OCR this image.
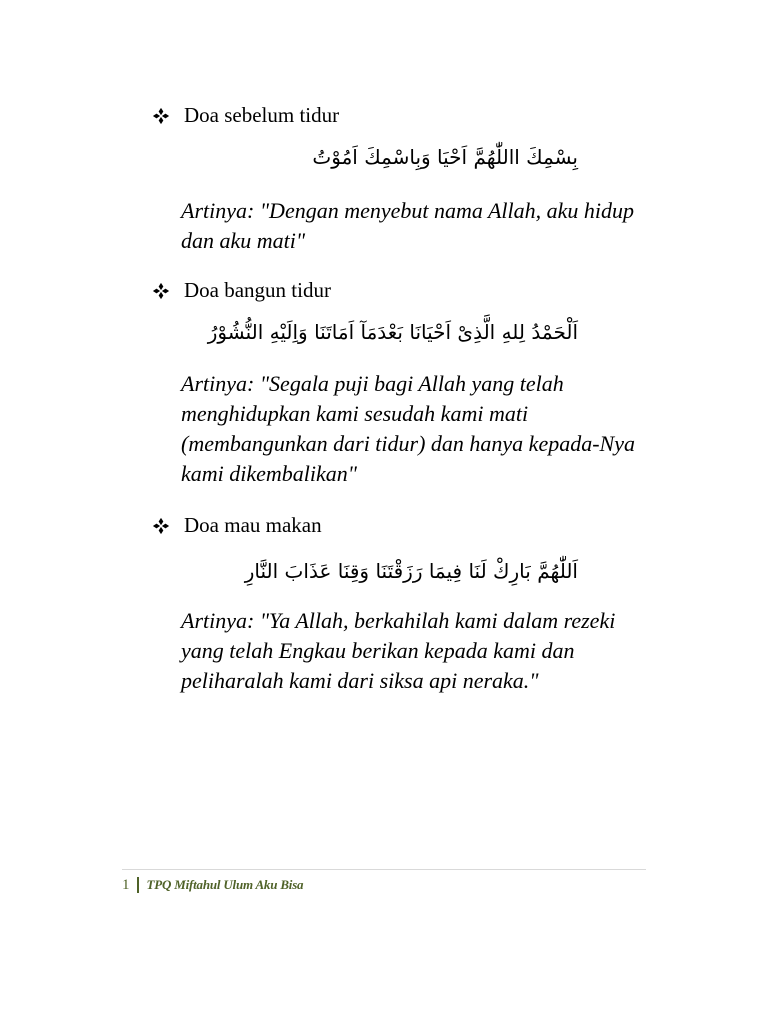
Doa sebelum tidur
بِسْمِكَ االلّٰهُمَّ اَحْيَا وَبِاسْمِكَ اَمُوْتُ
Artinya: "Dengan menyebut nama Allah, aku hidup dan aku mati"
Doa bangun tidur
اَلْحَمْدُ لِلهِ الَّذِىْ اَحْيَانَا بَعْدَمَآ اَمَاتَنَا وَاِلَيْهِ النُّشُوْرُ
Artinya: "Segala puji bagi Allah yang telah menghidupkan kami sesudah kami mati (membangunkan dari tidur) dan hanya kepada-Nya kami dikembalikan"
Doa mau makan
اَللّٰهُمَّ بَارِكْ لَنَا فِيمَا رَزَقْتَنَا وَقِنَا عَذَابَ النَّارِ
Artinya: "Ya Allah, berkahilah kami dalam rezeki yang telah Engkau berikan kepada kami dan peliharalah kami dari siksa api neraka."
1 TPQ Miftahul Ulum Aku Bisa
